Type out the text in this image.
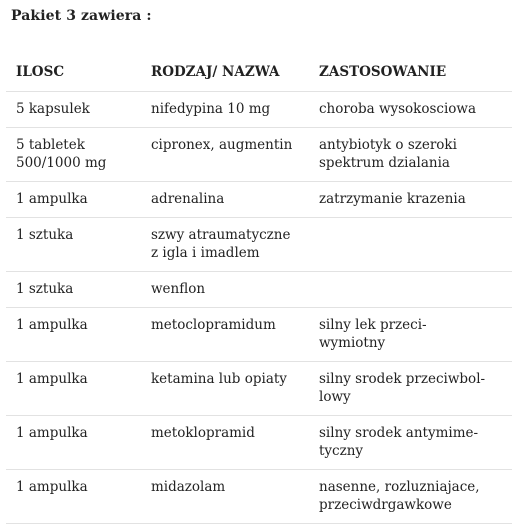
Pakiet 3 zawiera :
ILOSC	RODZAJ/ NAZWA	ZASTOSOWANIE
5 kapsulek	nifedypina 10 mg	choroba wysokosciowa
5 tabletek
500/1000 mg	cipronex, augmentin	antybiotyk o szeroki
spektrum dzialania
1 ampulka	adrenalina	zatrzymanie krazenia
1 sztuka	szwy atraumatyczne
z igla i imadlem	
1 sztuka	wenflon	
1 ampulka	metoclopramidum	silny lek przeci-
wymiotny
1 ampulka	ketamina lub opiaty	silny srodek przeciwbol-
lowy
1 ampulka	metoklopramid	silny srodek antymime-
tyczny
1 ampulka	midazolam	nasenne, rozluzniajace,
przeciwdrgawkowe
